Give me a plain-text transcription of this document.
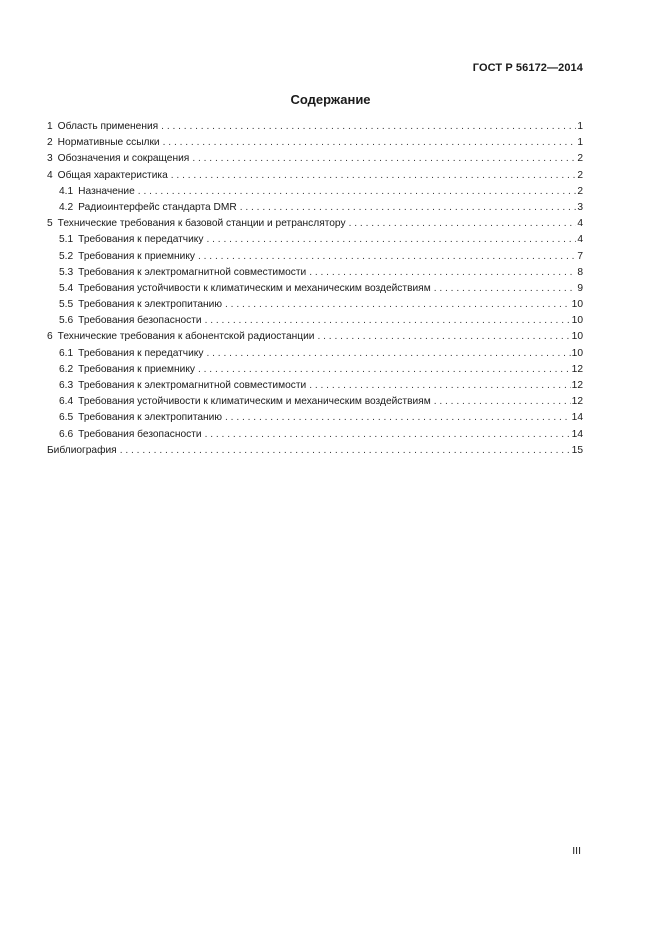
ГОСТ Р 56172—2014
Содержание
1 Область применения . . .	1
2 Нормативные ссылки . . .	1
3 Обозначения и сокращения . . .	2
4 Общая характеристика . . .	2
4.1 Назначение . . .	2
4.2 Радиоинтерфейс стандарта DMR . . .	3
5 Технические требования к базовой станции и ретранслятору . . .	4
5.1 Требования к передатчику . . .	4
5.2 Требования к приемнику . . .	7
5.3 Требования к электромагнитной совместимости . . .	8
5.4 Требования устойчивости к климатическим и механическим воздействиям . . .	9
5.5 Требования к электропитанию . . .	10
5.6 Требования безопасности . . .	10
6 Технические требования к абонентской радиостанции . . .	10
6.1 Требования к передатчику . . .	10
6.2 Требования к приемнику . . .	12
6.3 Требования к электромагнитной совместимости . . .	12
6.4 Требования устойчивости к климатическим и механическим воздействиям . . .	12
6.5 Требования к электропитанию . . .	14
6.6 Требования безопасности . . .	14
Библиография . . .	15
III
